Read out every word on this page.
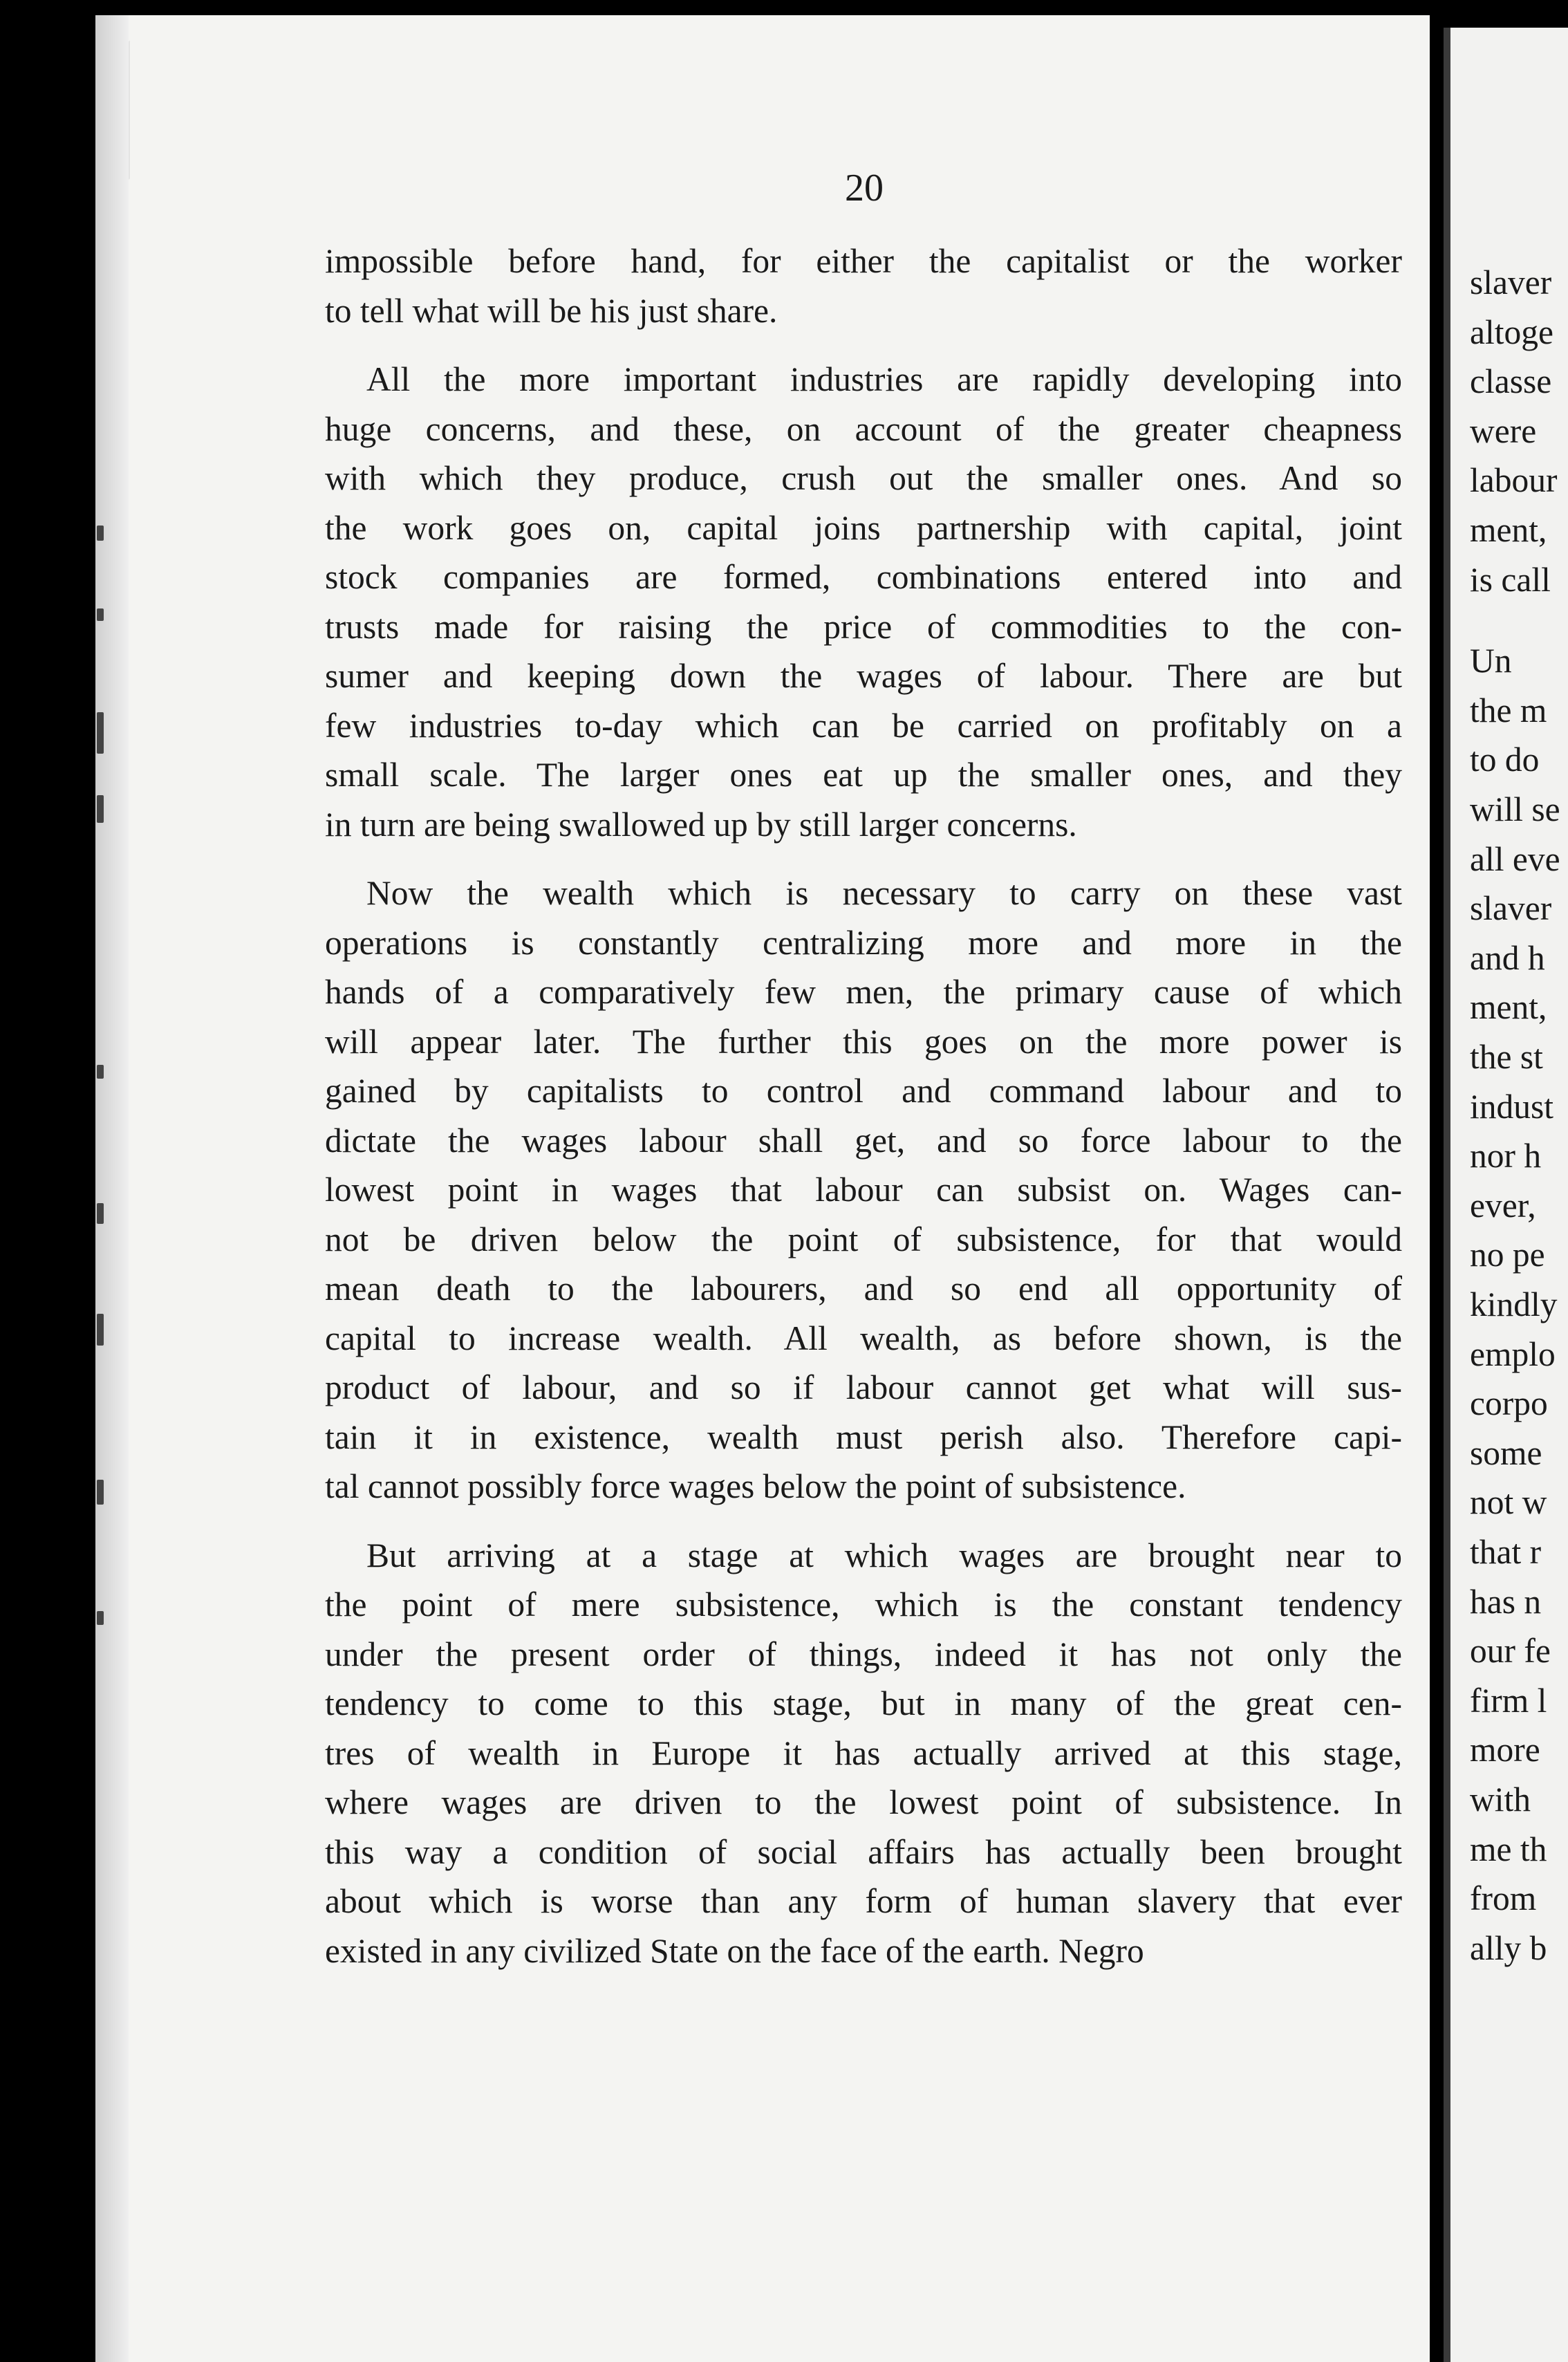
20

impossible before hand, for either the capitalist or the worker

to tell what will be his just share.

All the more important industries are rapidly developing into

huge concerns, and these, on account of the greater cheapness

with which they produce, crush out the smaller ones. And so

the work goes on, capital joins partnership with capital, joint

stock companies are formed, combinations entered into and

trusts made for raising the price of commodities to the con-

sumer and keeping down the wages of labour. There are but

few industries to-day which can be carried on profitably on a

small scale. The larger ones eat up the smaller ones, and they

in turn are being swallowed up by still larger concerns.

Now the wealth which is necessary to carry on these vast

operations is constantly centralizing more and more in the

hands of a comparatively few men, the primary cause of which

will appear later. The further this goes on the more power is

gained by capitalists to control and command labour and to

dictate the wages labour shall get, and so force labour to the

lowest point in wages that labour can subsist on. Wages can-

not be driven below the point of subsistence, for that would

mean death to the labourers, and so end all opportunity of

capital to increase wealth. All wealth, as before shown, is the

product of labour, and so if labour cannot get what will sus-

tain it in existence, wealth must perish also. Therefore capi-

tal cannot possibly force wages below the point of subsistence.

But arriving at a stage at which wages are brought near to

the point of mere subsistence, which is the constant tendency

under the present order of things, indeed it has not only the

tendency to come to this stage, but in many of the great cen-

tres of wealth in Europe it has actually arrived at this stage,

where wages are driven to the lowest point of subsistence. In

this way a condition of social affairs has actually been brought

about which is worse than any form of human slavery that ever

existed in any civilized State on the face of the earth. Negro

slaver
altoge
classe
were
labour
ment,
is call
Un
the m
to do
will se
all eve
slaver
and h
ment,
the st
indust
nor h
ever,
no pe
kindly
emplo
corpo
some
not w
that r
has n
our fe
firm l
more
with
me th
from
ally b
